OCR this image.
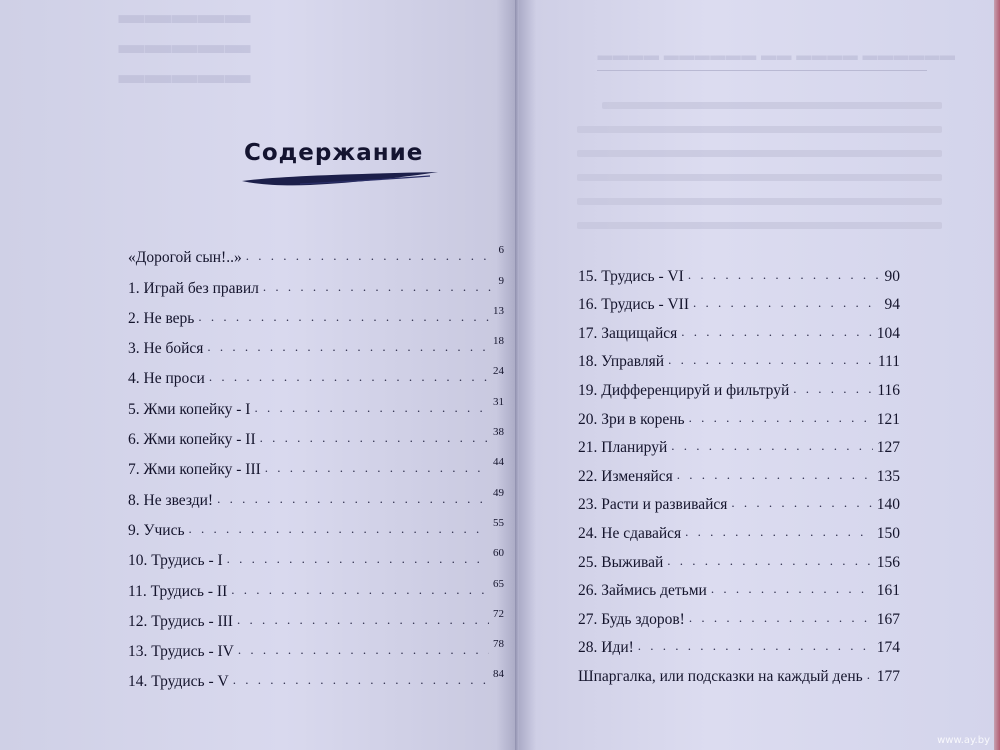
▬▬▬▬▬
▬▬▬▬▬
▬▬▬▬▬
Содержание
«Дорогой сын!..» . . .	6
1. Играй без правил . . .	9
2. Не верь . . .	13
3. Не бойся . . .	18
4. Не проси . . .	24
5. Жми копейку - I . . .	31
6. Жми копейку - II . . .	38
7. Жми копейку - III . . .	44
8. Не звезди! . . .	49
9. Учись . . .	55
10. Трудись - I . . .	60
11. Трудись - II . . .	65
12. Трудись - III . . .	72
13. Трудись - IV . . .	78
14. Трудись - V . . .	84
▬▬▬▬▬▬ ▬▬▬▬ ▬▬ ▬▬▬▬▬▬ ▬▬▬▬
15. Трудись - VI . . .	90
16. Трудись - VII . . .	94
17. Защищайся . . .	104
18. Управляй . . .	111
19. Дифференцируй и фильтруй . . .	116
20. Зри в корень . . .	121
21. Планируй . . .	127
22. Изменяйся . . .	135
23. Расти и развивайся . . .	140
24. Не сдавайся . . .	150
25. Выживай . . .	156
26. Займись детьми . . .	161
27. Будь здоров! . . .	167
28. Иди! . . .	174
Шпаргалка, или подсказки на каждый день . . . 177
www.ay.by
